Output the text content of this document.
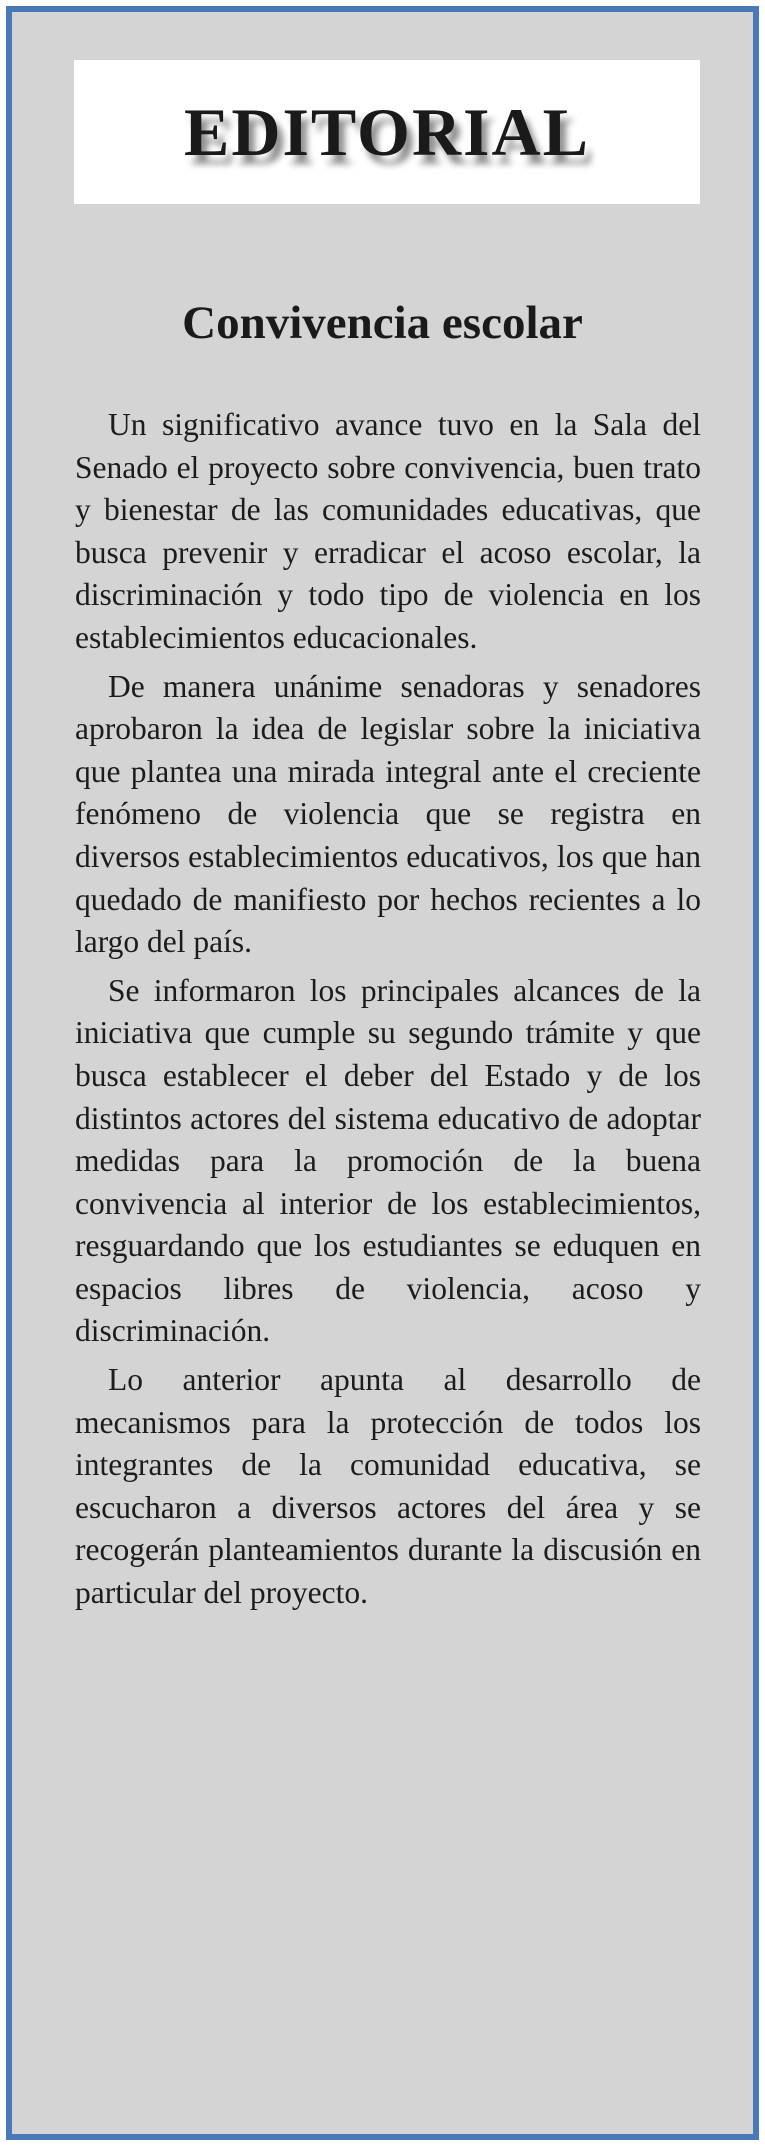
EDITORIAL
Convivencia escolar

Un significativo avance tuvo en la Sala del Senado el proyecto sobre convivencia, buen trato y bienestar de las comunidades educativas, que busca prevenir y erradicar el acoso escolar, la discriminación y todo tipo de violencia en los establecimientos educacionales.

De manera unánime senadoras y senadores aprobaron la idea de legislar sobre la iniciativa que plantea una mirada integral ante el creciente fenómeno de violencia que se registra en diversos establecimientos educativos, los que han quedado de manifiesto por hechos recientes a lo largo del país.

Se informaron los principales alcances de la iniciativa que cumple su segundo trámite y que busca establecer el deber del Estado y de los distintos actores del sistema educativo de adoptar medidas para la promoción de la buena convivencia al interior de los establecimientos, resguardando que los estudiantes se eduquen en espacios libres de violencia, acoso y discriminación.

Lo anterior apunta al desarrollo de mecanismos para la protección de todos los integrantes de la comunidad educativa, se escucharon a diversos actores del área y se recogerán planteamientos durante la discusión en particular del proyecto.
